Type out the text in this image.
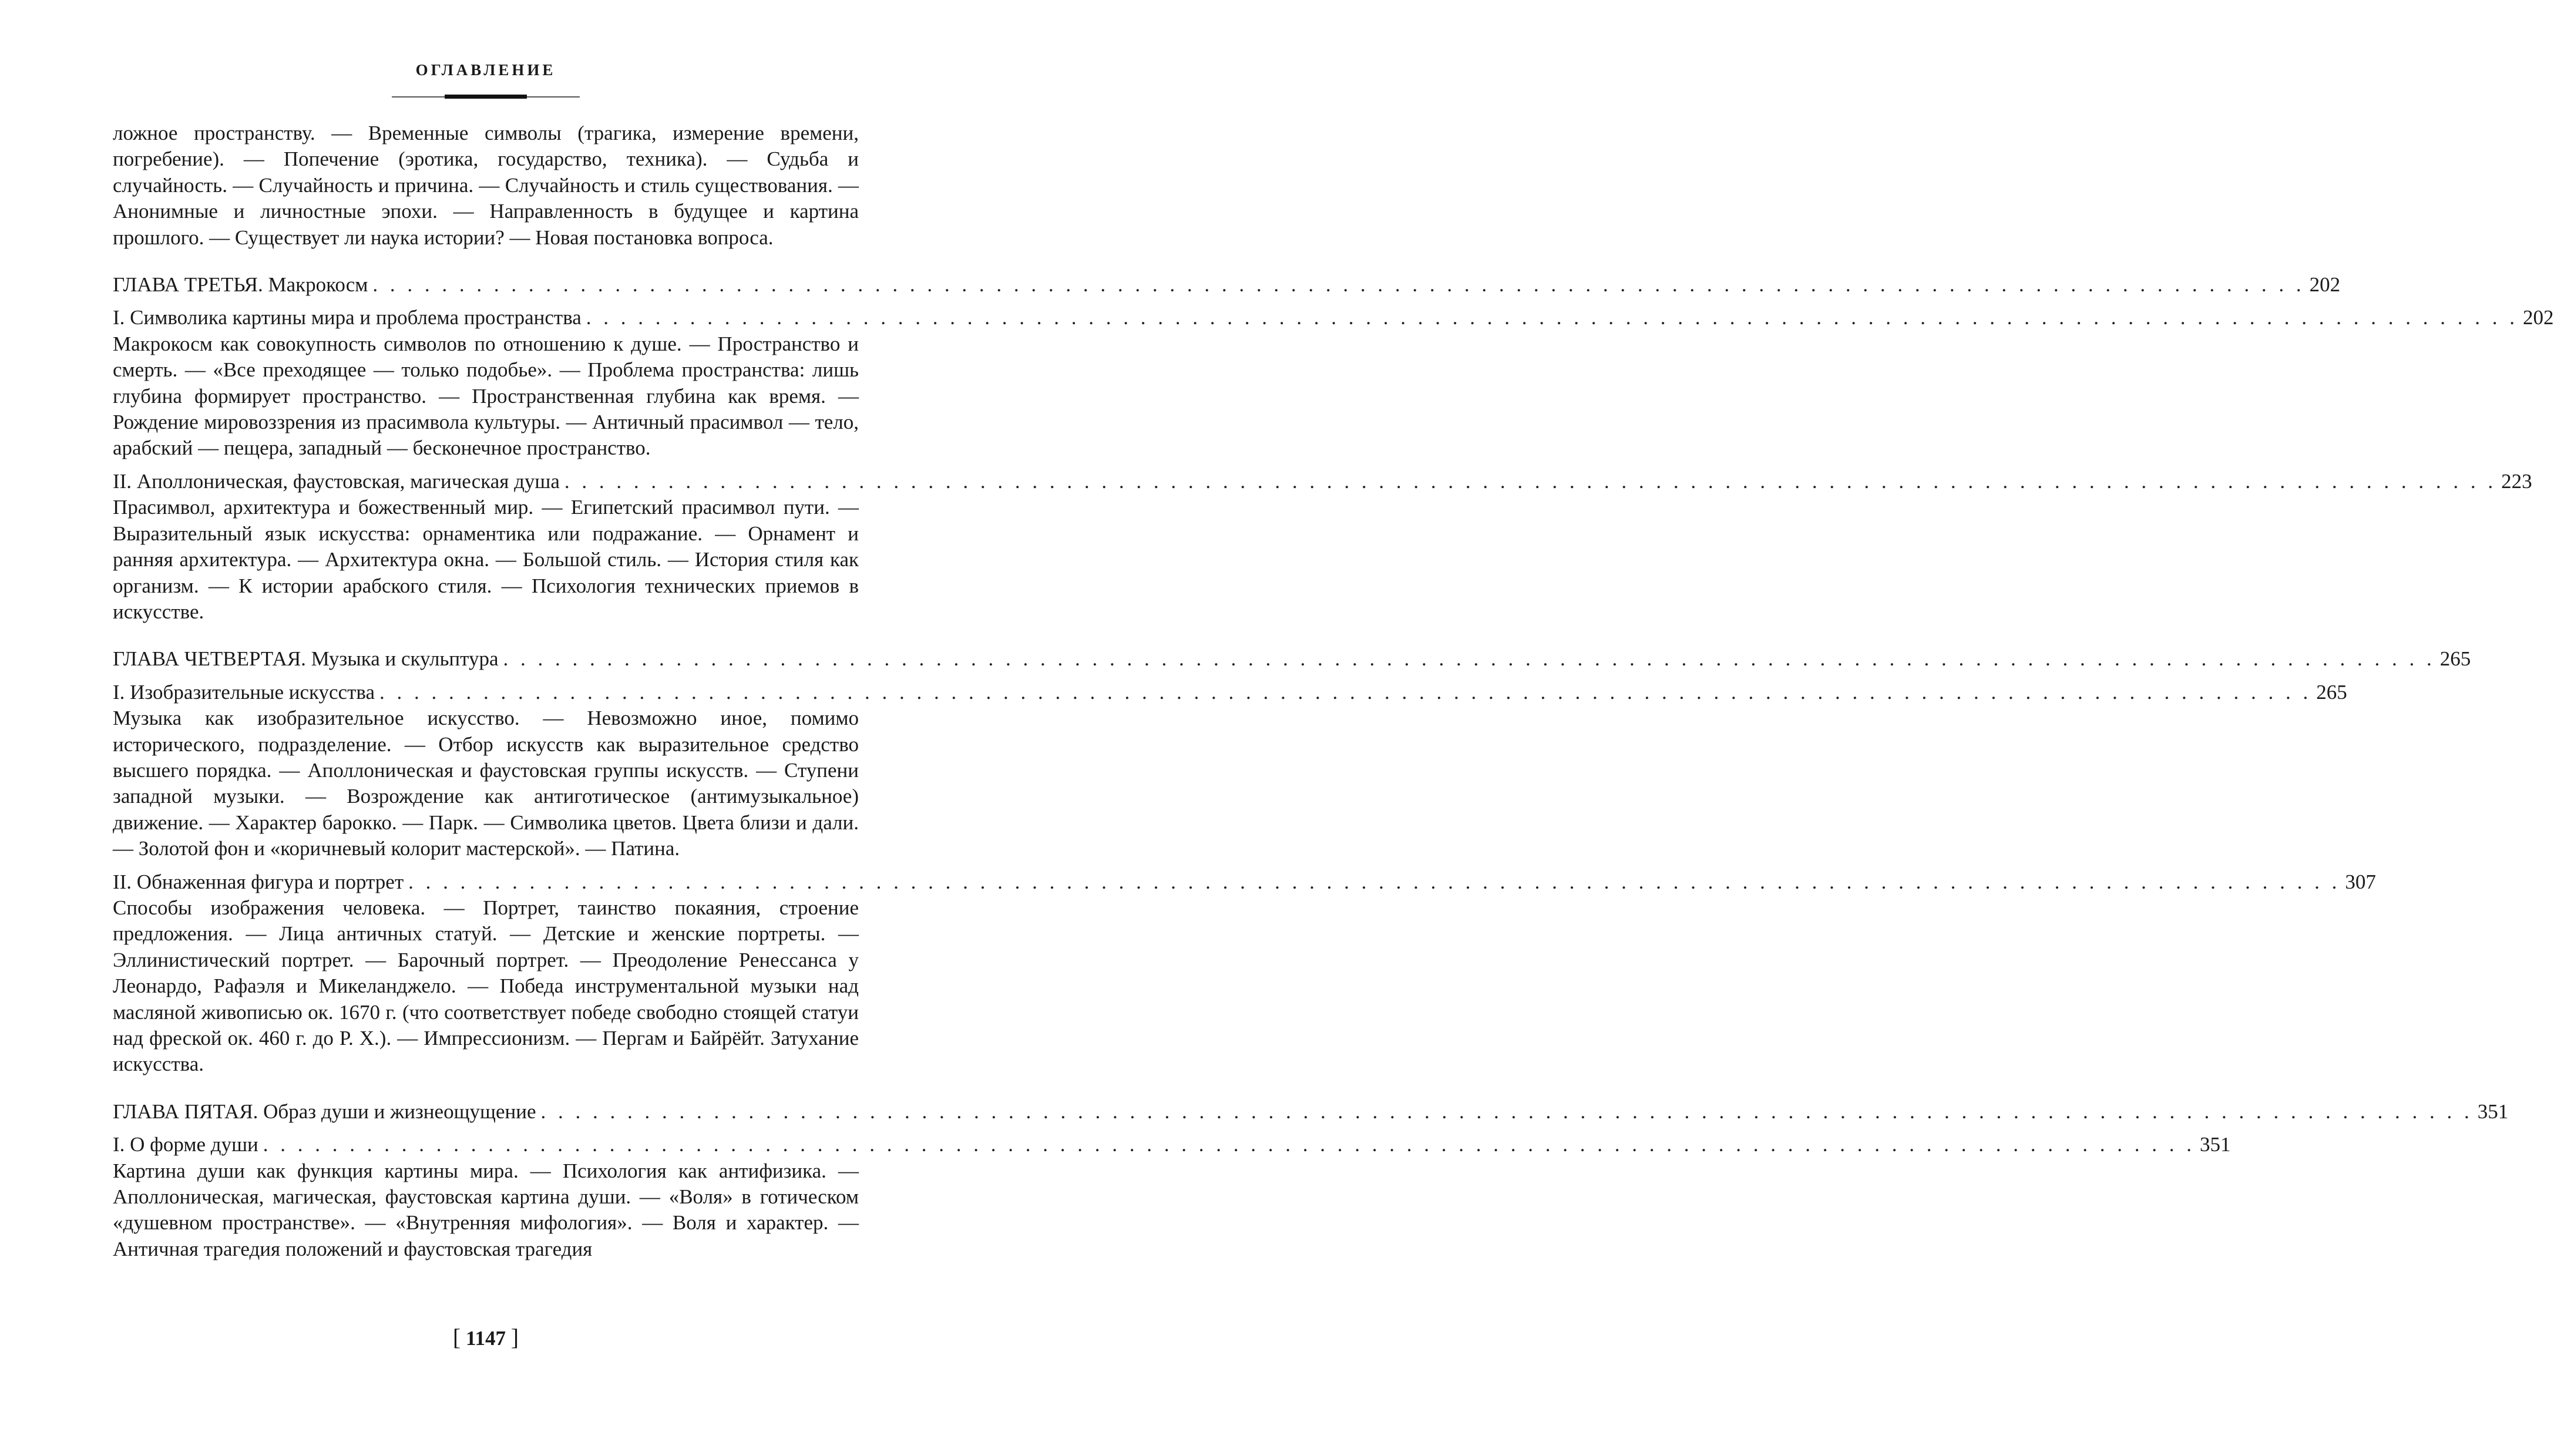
ОГЛАВЛЕНИЕ

ложное пространству. — Временные символы (трагика, измерение времени, погребение). — Попечение (эротика, государство, техника). — Судьба и случайность. — Случайность и причина. — Случайность и стиль существования. — Анонимные и личностные эпохи. — Направленность в будущее и картина прошлого. — Существует ли наука истории? — Новая постановка вопроса.

ГЛАВА ТРЕТЬЯ. Макрокосм . . . . . . . . . . . . . . . . . . . . . . . . . . . . . . . . . . . . . . . . . . . . . . . . . . . . . . . . . . . . . . . . . . . . . . . . . . . . . . . . . . . . . . . . . . . . . . . . . . . . . . . . . . . . . . . . 202
I. Символика картины мира и проблема пространства . . . . . . . . . . . . . . . . . . . . . . . . . . . . . . . . . . . . . . . . . . . . . . . . . . . . . . . . . . . . . . . . . . . . . . . . . . . . . . . . . . . . . . . . . . . . . . . . . . . . . . . . . . . . . . . . 202

Макрокосм как совокупность символов по отношению к душе. — Пространство и смерть. — «Все преходящее — только подобье». — Проблема пространства: лишь глубина формирует пространство. — Пространственная глубина как время. — Рождение мировоззрения из прасимвола культуры. — Античный прасимвол — тело, арабский — пещера, западный — бесконечное пространство.

II. Аполлоническая, фаустовская, магическая душа . . . . . . . . . . . . . . . . . . . . . . . . . . . . . . . . . . . . . . . . . . . . . . . . . . . . . . . . . . . . . . . . . . . . . . . . . . . . . . . . . . . . . . . . . . . . . . . . . . . . . . . . . . . . . . . . 223

Прасимвол, архитектура и божественный мир. — Египетский прасимвол пути. — Выразительный язык искусства: орнаментика или подражание. — Орнамент и ранняя архитектура. — Архитектура окна. — Большой стиль. — История стиля как организм. — К истории арабского стиля. — Психология технических приемов в искусстве.

ГЛАВА ЧЕТВЕРТАЯ. Музыка и скульптура . . . . . . . . . . . . . . . . . . . . . . . . . . . . . . . . . . . . . . . . . . . . . . . . . . . . . . . . . . . . . . . . . . . . . . . . . . . . . . . . . . . . . . . . . . . . . . . . . . . . . . . . . . . . . . . . 265
I. Изобразительные искусства . . . . . . . . . . . . . . . . . . . . . . . . . . . . . . . . . . . . . . . . . . . . . . . . . . . . . . . . . . . . . . . . . . . . . . . . . . . . . . . . . . . . . . . . . . . . . . . . . . . . . . . . . . . . . . . . 265

Музыка как изобразительное искусство. — Невозможно иное, помимо исторического, подразделение. — Отбор искусств как выразительное средство высшего порядка. — Аполлоническая и фаустовская группы искусств. — Ступени западной музыки. — Возрождение как антиготическое (антимузыкальное) движение. — Характер барокко. — Парк. — Символика цветов. Цвета близи и дали. — Золотой фон и «коричневый колорит мастерской». — Патина.

II. Обнаженная фигура и портрет . . . . . . . . . . . . . . . . . . . . . . . . . . . . . . . . . . . . . . . . . . . . . . . . . . . . . . . . . . . . . . . . . . . . . . . . . . . . . . . . . . . . . . . . . . . . . . . . . . . . . . . . . . . . . . . . 307

Способы изображения человека. — Портрет, таинство покаяния, строение предложения. — Лица античных статуй. — Детские и женские портреты. — Эллинистический портрет. — Барочный портрет. — Преодоление Ренессанса у Леонардо, Рафаэля и Микеланджело. — Победа инструментальной музыки над масляной живописью ок. 1670 г. (что соответствует победе свободно стоящей статуи над фреской ок. 460 г. до Р. Х.). — Импрессионизм. — Пергам и Байрёйт. Затухание искусства.

ГЛАВА ПЯТАЯ. Образ души и жизнеощущение . . . . . . . . . . . . . . . . . . . . . . . . . . . . . . . . . . . . . . . . . . . . . . . . . . . . . . . . . . . . . . . . . . . . . . . . . . . . . . . . . . . . . . . . . . . . . . . . . . . . . . . . . . . . . . . . 351
I. О форме души . . . . . . . . . . . . . . . . . . . . . . . . . . . . . . . . . . . . . . . . . . . . . . . . . . . . . . . . . . . . . . . . . . . . . . . . . . . . . . . . . . . . . . . . . . . . . . . . . . . . . . . . . . . . . . . . 351

Картина души как функция картины мира. — Психология как антифизика. — Аполлоническая, магическая, фаустовская картина души. — «Воля» в готическом «душевном пространстве». — «Внутренняя мифология». — Воля и характер. — Античная трагедия положений и фаустовская трагедия

[ 1147 ]
